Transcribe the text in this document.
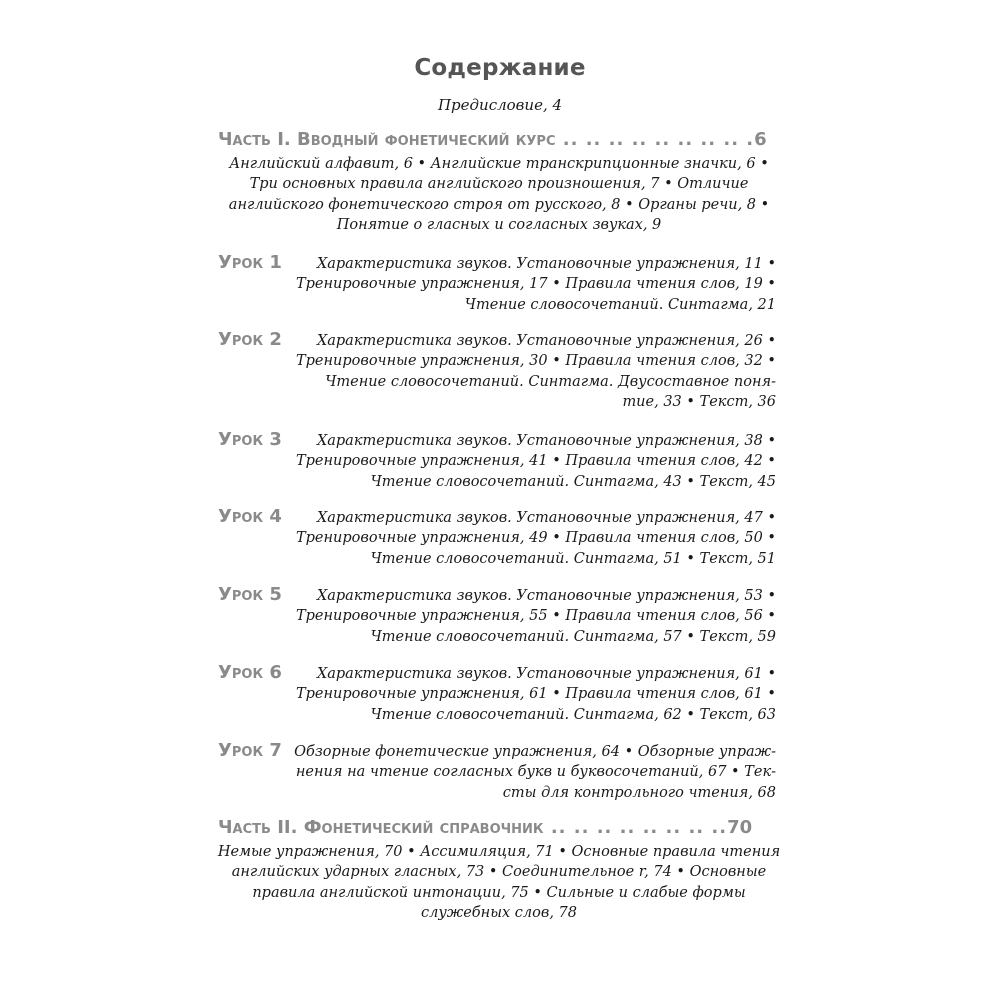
Содержание
Предисловие, 4
Часть I. Вводный фонетический курс .. .. .. .. .. .. .. .. .6
Английский алфавит, 6 • Английские транскрипционные значки, 6 •
Три основных правила английского произношения, 7 • Отличие
английского фонетического строя от русского, 8 • Органы речи, 8 •
Понятие о гласных и согласных звуках, 9
Урок 1	Характеристика звуков. Установочные упражнения, 11 •
Тренировочные упражнения, 17 • Правила чтения слов, 19 •
Чтение словосочетаний. Синтагма, 21
Урок 2	Характеристика звуков. Установочные упражнения, 26 •
Тренировочные упражнения, 30 • Правила чтения слов, 32 •
Чтение словосочетаний. Синтагма. Двусоставное поня-
тие, 33 • Текст, 36
Урок 3	Характеристика звуков. Установочные упражнения, 38 •
Тренировочные упражнения, 41 • Правила чтения слов, 42 •
Чтение словосочетаний. Синтагма, 43 • Текст, 45
Урок 4	Характеристика звуков. Установочные упражнения, 47 •
Тренировочные упражнения, 49 • Правила чтения слов, 50 •
Чтение словосочетаний. Синтагма, 51 • Текст, 51
Урок 5	Характеристика звуков. Установочные упражнения, 53 •
Тренировочные упражнения, 55 • Правила чтения слов, 56 •
Чтение словосочетаний. Синтагма, 57 • Текст, 59
Урок 6	Характеристика звуков. Установочные упражнения, 61 •
Тренировочные упражнения, 61 • Правила чтения слов, 61 •
Чтение словосочетаний. Синтагма, 62 • Текст, 63
Урок 7 Обзорные фонетические упражнения, 64 • Обзорные упраж-
нения на чтение согласных букв и буквосочетаний, 67 • Тек-
сты для контрольного чтения, 68
Часть II. Фонетический справочник .. .. .. .. .. .. .. ..70
Немые упражнения, 70 • Ассимиляция, 71 • Основные правила чтения
английских ударных гласных, 73 • Соединительное r, 74 • Основные
правила английской интонации, 75 • Сильные и слабые формы
служебных слов, 78
